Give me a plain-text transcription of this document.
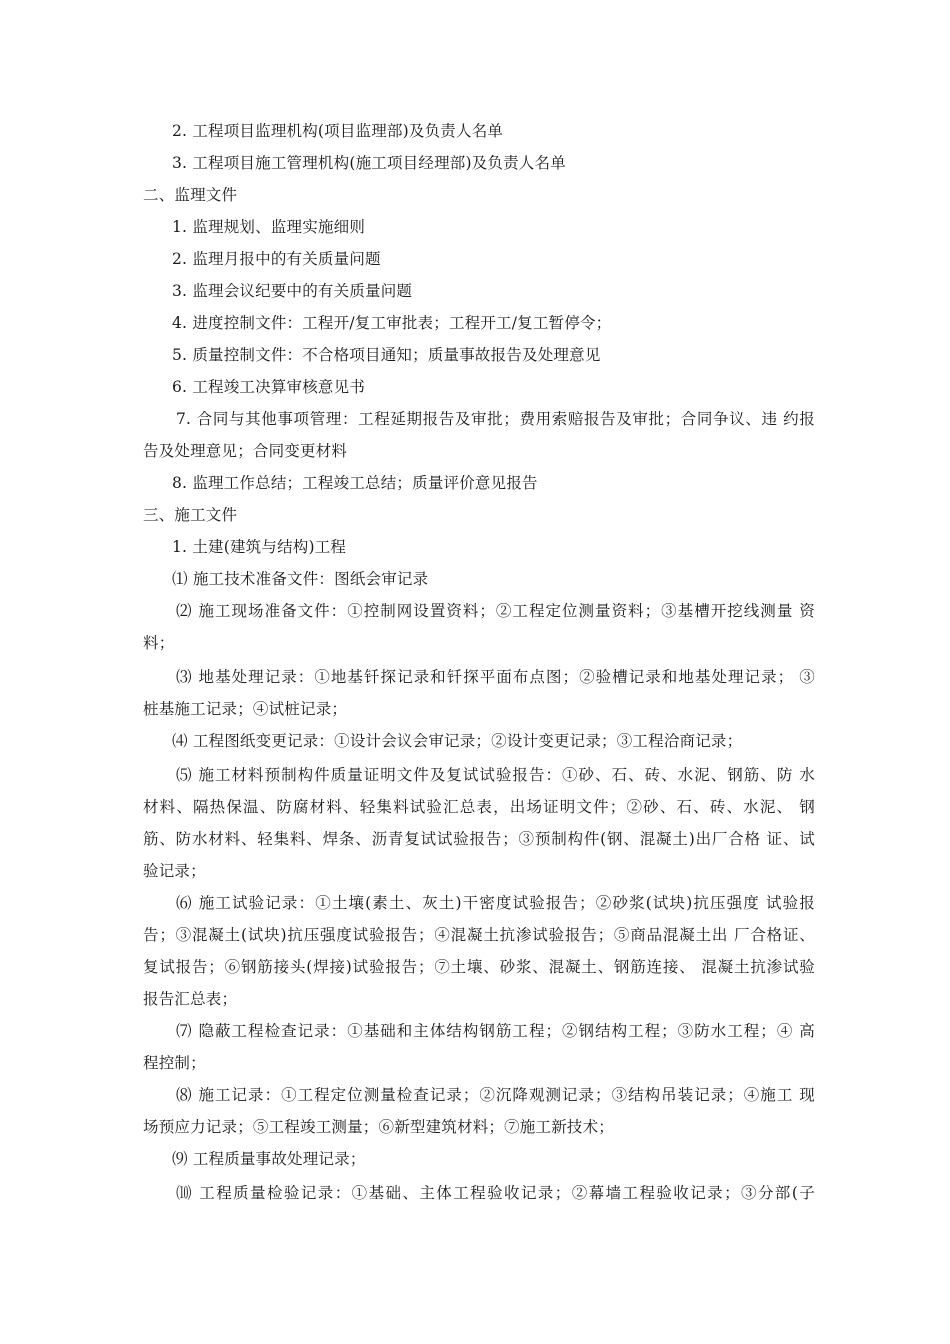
2. 工程项目监理机构(项目监理部)及负责人名单
3. 工程项目施工管理机构(施工项目经理部)及负责人名单
二、监理文件
1. 监理规划、监理实施细则
2. 监理月报中的有关质量问题
3. 监理会议纪要中的有关质量问题
4. 进度控制文件：工程开/复工审批表；工程开工/复工暂停令；
5. 质量控制文件：不合格项目通知；质量事故报告及处理意见
6. 工程竣工决算审核意见书
7. 合同与其他事项管理：工程延期报告及审批；费用索赔报告及审批；合同争议、违 约报
告及处理意见；合同变更材料
8. 监理工作总结；工程竣工总结；质量评价意见报告
三、施工文件
1. 土建(建筑与结构)工程
⑴ 施工技术准备文件：图纸会审记录
⑵ 施工现场准备文件：①控制网设置资料；②工程定位测量资料；③基槽开挖线测量 资
料；
⑶ 地基处理记录：①地基钎探记录和钎探平面布点图；②验槽记录和地基处理记录； ③
桩基施工记录；④试桩记录；
⑷ 工程图纸变更记录：①设计会议会审记录；②设计变更记录；③工程洽商记录；
⑸ 施工材料预制构件质量证明文件及复试试验报告：①砂、石、砖、水泥、钢筋、防 水
材料、隔热保温、防腐材料、轻集料试验汇总表，出场证明文件；②砂、石、砖、水泥、 钢
筋、防水材料、轻集料、焊条、沥青复试试验报告；③预制构件(钢、混凝土)出厂合格 证、试
验记录；
⑹ 施工试验记录：①土壤(素土、灰土)干密度试验报告；②砂浆(试块)抗压强度 试验报
告；③混凝土(试块)抗压强度试验报告；④混凝土抗渗试验报告；⑤商品混凝土出 厂合格证、
复试报告；⑥钢筋接头(焊接)试验报告；⑦土壤、砂浆、混凝土、钢筋连接、 混凝土抗渗试验
报告汇总表；
⑺ 隐蔽工程检查记录：①基础和主体结构钢筋工程；②钢结构工程；③防水工程；④ 高
程控制；
⑻ 施工记录：①工程定位测量检查记录；②沉降观测记录；③结构吊装记录；④施工 现
场预应力记录；⑤工程竣工测量；⑥新型建筑材料；⑦施工新技术；
⑼ 工程质量事故处理记录；
⑽ 工程质量检验记录：①基础、主体工程验收记录；②幕墙工程验收记录；③分部(子
